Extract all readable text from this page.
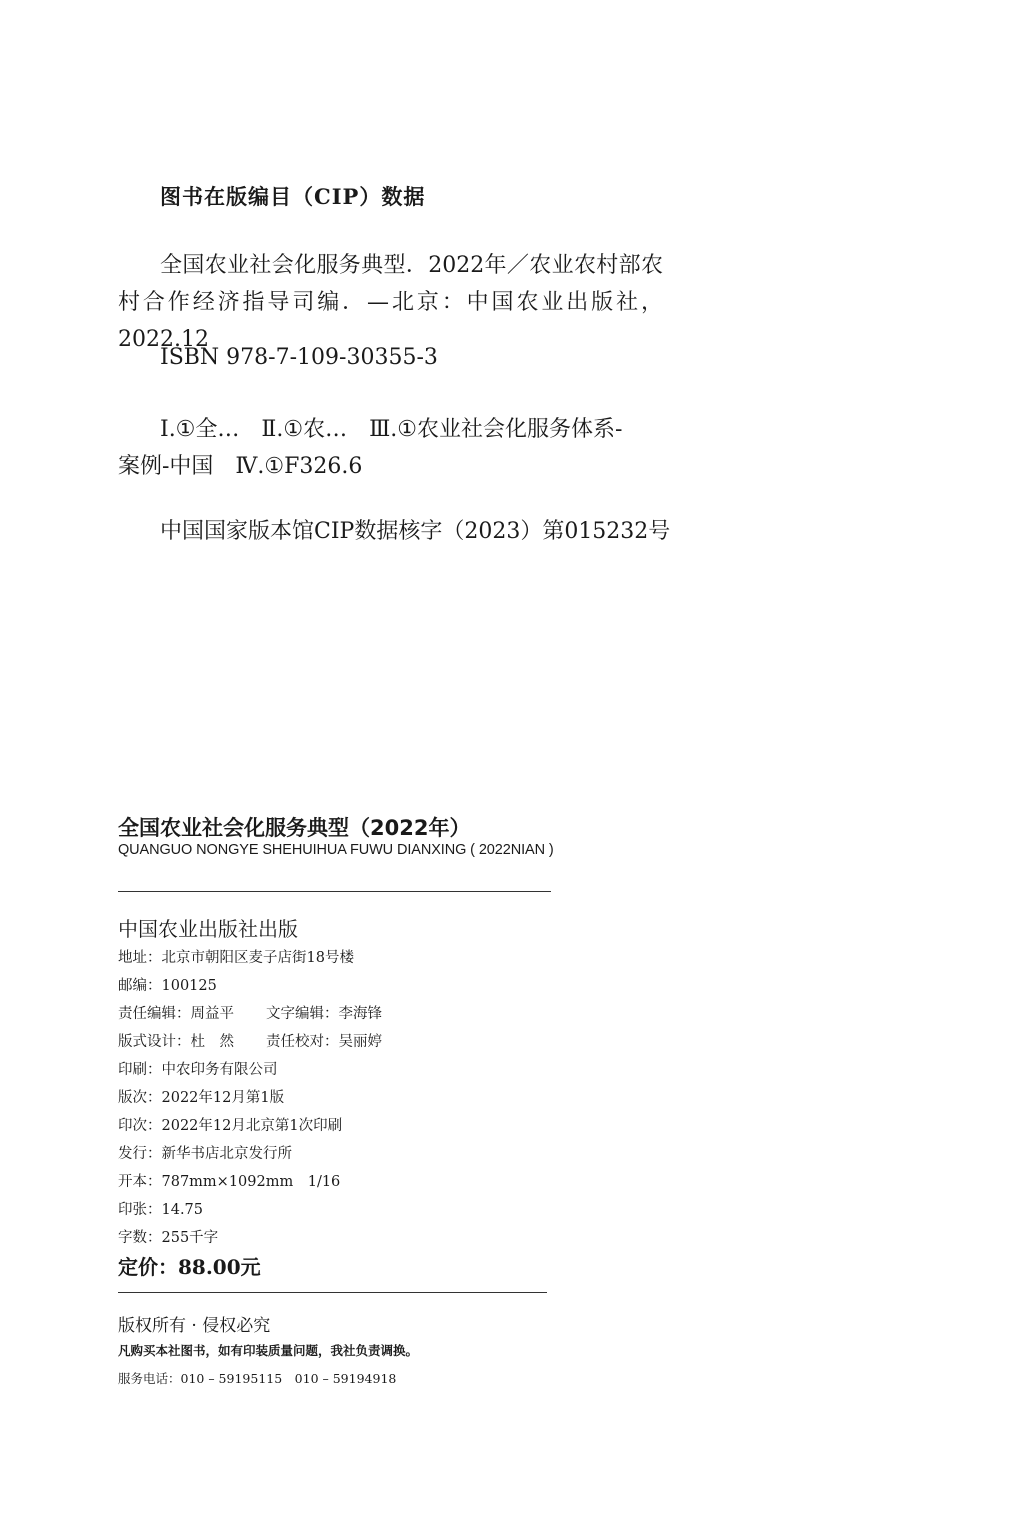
图书在版编目（CIP）数据
全国农业社会化服务典型．2022年／农业农村部农村合作经济指导司编．—北京：中国农业出版社，2022.12
ISBN 978-7-109-30355-3
Ⅰ.①全…　Ⅱ.①农…　Ⅲ.①农业社会化服务体系-
案例-中国　Ⅳ.①F326.6
中国国家版本馆CIP数据核字（2023）第015232号
全国农业社会化服务典型（2022年）
QUANGUO NONGYE SHEHUIHUA FUWU DIANXING ( 2022NIAN )
中国农业出版社出版
地址：北京市朝阳区麦子店街18号楼
邮编：100125
责任编辑：周益平 文字编辑：李海锋
版式设计：杜　然 责任校对：吴丽婷
印刷：中农印务有限公司
版次：2022年12月第1版
印次：2022年12月北京第1次印刷
发行：新华书店北京发行所
开本：787mm×1092mm　1/16
印张：14.75
字数：255千字
定价：88.00元
版权所有 · 侵权必究
凡购买本社图书，如有印装质量问题，我社负责调换。
服务电话：010 – 59195115　010 – 59194918
